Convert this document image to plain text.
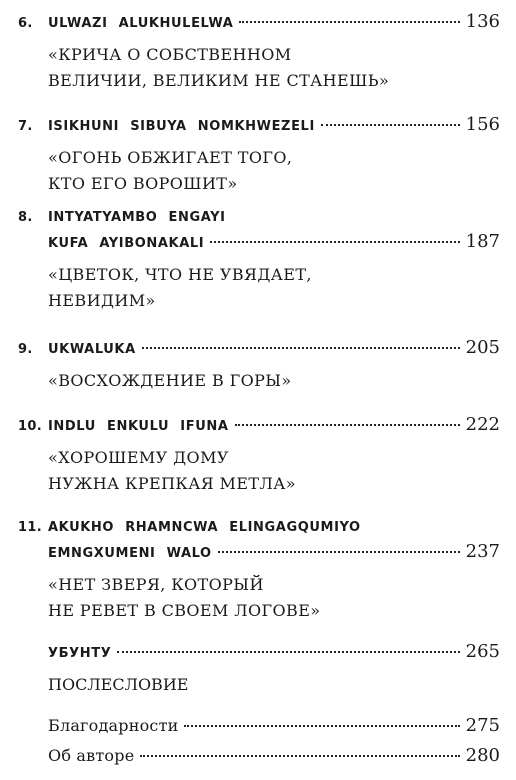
6.	ULWAZI ALUKHULELWA	136
«КРИЧА О СОБСТВЕННОМ
ВЕЛИЧИИ, ВЕЛИКИМ НЕ СТАНЕШЬ»
7.	ISIKHUNI SIBUYA NOMKHWEZELI	156
«ОГОНЬ ОБЖИГАЕТ ТОГО,
КТО ЕГО ВОРОШИТ»
8.	INTYATYAMBO ENGAYI
KUFA AYIBONAKALI	187
«ЦВЕТОК, ЧТО НЕ УВЯДАЕТ,
НЕВИДИМ»
9.	UKWALUKA	205
«ВОСХОЖДЕНИЕ В ГОРЫ»
10. INDLU ENKULU IFUNA	222
«ХОРОШЕМУ ДОМУ
НУЖНА КРЕПКАЯ МЕТЛА»
11. AKUKHO RHAMNCWA ELINGAGQUMIYO
EMNGXUMENI WALO	237
«НЕТ ЗВЕРЯ, КОТОРЫЙ
НЕ РЕВЕТ В СВОЕМ ЛОГОВЕ»
УБУНТУ	265
ПОСЛЕСЛОВИЕ
Благодарности	275
Об авторе	280
